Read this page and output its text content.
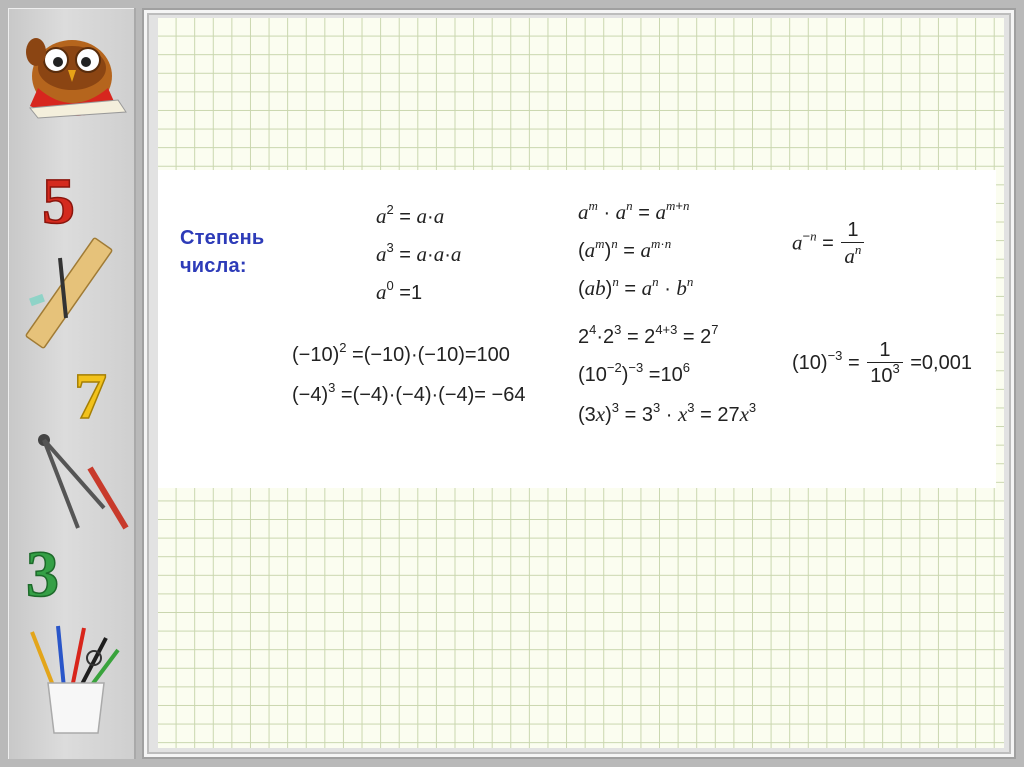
5
7
3
Степень числа:
$a^2 = a\cdot a$
$a^3 = a\cdot a\cdot a$
$a^0 =1$
$a^m \cdot a^n = a^{m+n}$
$(a^m)^n = a^{m\cdot n}$
$(ab)^n = a^n \cdot b^n$
$a^{-n} = \frac{1}{a^n}$
$(-10)^2 =(-10)\cdot(-10)=100$
$(-4)^3 =(-4)\cdot(-4)\cdot(-4)= -64$
$2^4\cdot 2^3 = 2^{4+3} = 2^7$
$(10^{-2})^{-3} =10^6$
$(3x)^3 = 3^3 \cdot x^3 = 27x^3$
$(10)^{-3} = \frac{1}{10^3} =0,001$
